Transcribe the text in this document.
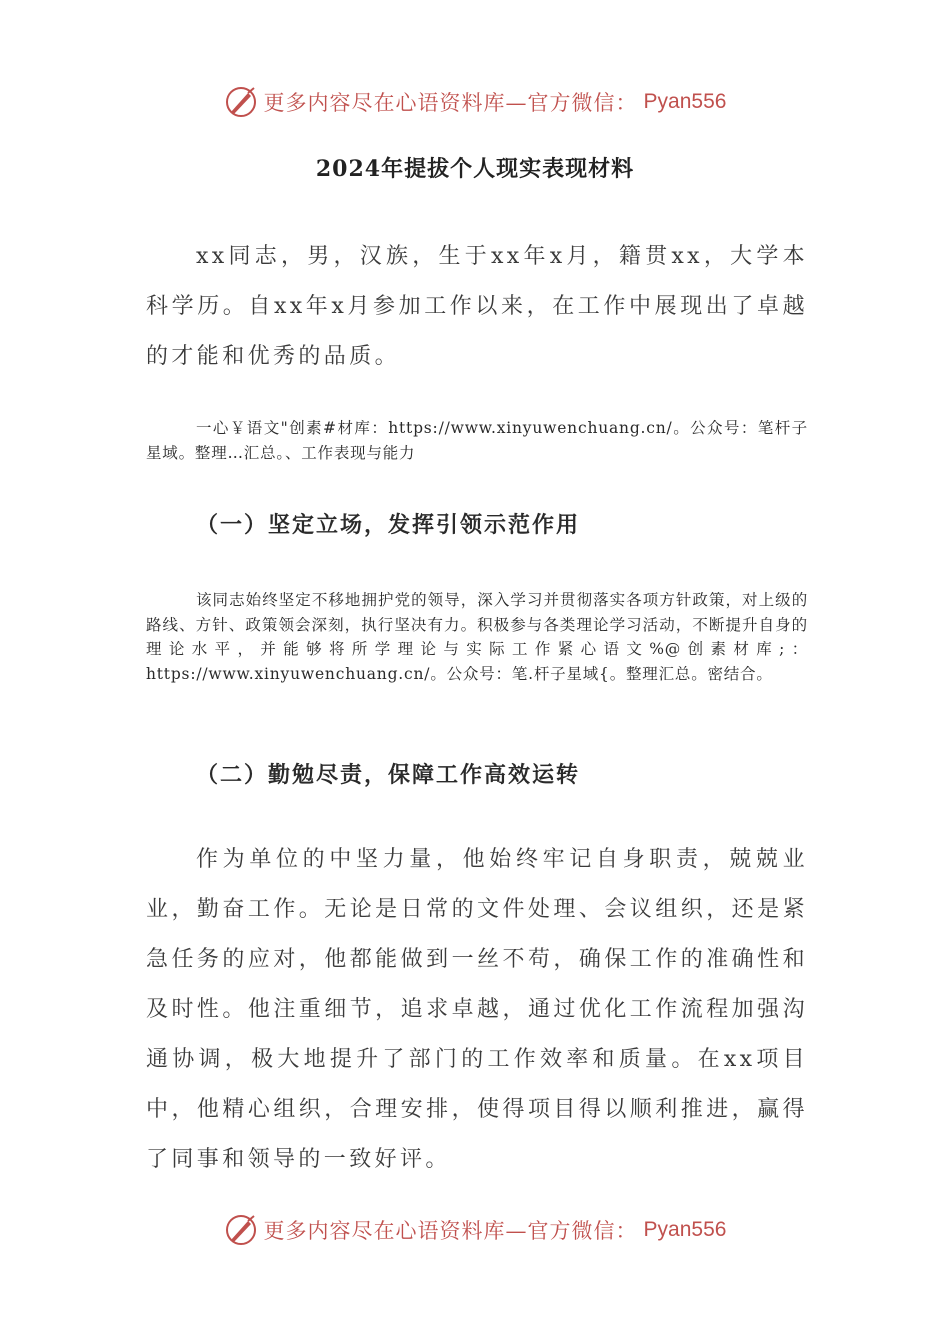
更多内容尽在心语资料库—官方微信： Pyan556
2024年提拔个人现实表现材料

xx同志，男，汉族，生于xx年x月，籍贯xx，大学本科学历。自xx年x月参加工作以来，在工作中展现出了卓越的才能和优秀的品质。

一心￥语文"创素#材库：https://www.xinyuwenchuang.cn/。公众号：笔杆子星域。整理…汇总。、工作表现与能力

（一）坚定立场，发挥引领示范作用

该同志始终坚定不移地拥护党的领导，深入学习并贯彻落实各项方针政策，对上级的路线、方针、政策领会深刻，执行坚决有力。积极参与各类理论学习活动，不断提升自身的理论水平，并能够将所学理论与实际工作紧心语文%@创素材库;：https://www.xinyuwenchuang.cn/。公众号：笔.杆子星域{。整理汇总。密结合。

（二）勤勉尽责，保障工作高效运转

作为单位的中坚力量，他始终牢记自身职责，兢兢业业，勤奋工作。无论是日常的文件处理、会议组织，还是紧急任务的应对，他都能做到一丝不苟，确保工作的准确性和及时性。他注重细节，追求卓越，通过优化工作流程加强沟通协调，极大地提升了部门的工作效率和质量。在xx项目中，他精心组织，合理安排，使得项目得以顺利推进，赢得了同事和领导的一致好评。

更多内容尽在心语资料库—官方微信： Pyan556
